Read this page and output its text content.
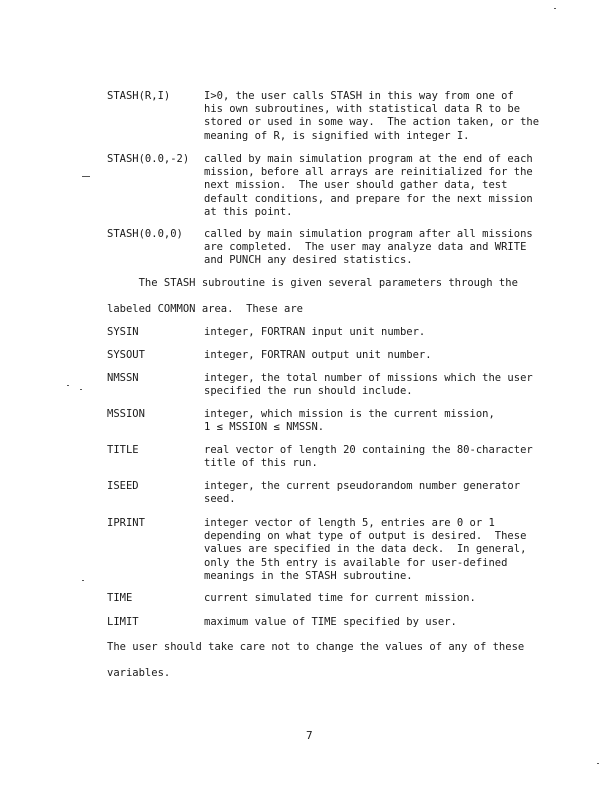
STASH(R,I)	I>0, the user calls STASH in this way from one of
his own subroutines, with statistical data R to be
stored or used in some way.  The action taken, or the
meaning of R, is signified with integer I.
STASH(0.0,-2) called by main simulation program at the end of each
mission, before all arrays are reinitialized for the
next mission.  The user should gather data, test
default conditions, and prepare for the next mission
at this point.
STASH(0.0,0) called by main simulation program after all missions
are completed.  The user may analyze data and WRITE
and PUNCH any desired statistics.
The STASH subroutine is given several parameters through the
labeled COMMON area.  These are
SYSIN	integer, FORTRAN input unit number.
SYSOUT	integer, FORTRAN output unit number.
NMSSN	integer, the total number of missions which the user
specified the run should include.
MSSION	integer, which mission is the current mission,
1 ≤ MSSION ≤ NMSSN.
TITLE	real vector of length 20 containing the 80-character
title of this run.
ISEED	integer, the current pseudorandom number generator
seed.
IPRINT	integer vector of length 5, entries are 0 or 1
depending on what type of output is desired.  These
values are specified in the data deck.  In general,
only the 5th entry is available for user-defined
meanings in the STASH subroutine.
TIME	current simulated time for current mission.
LIMIT	maximum value of TIME specified by user.
The user should take care not to change the values of any of these
variables.
7
